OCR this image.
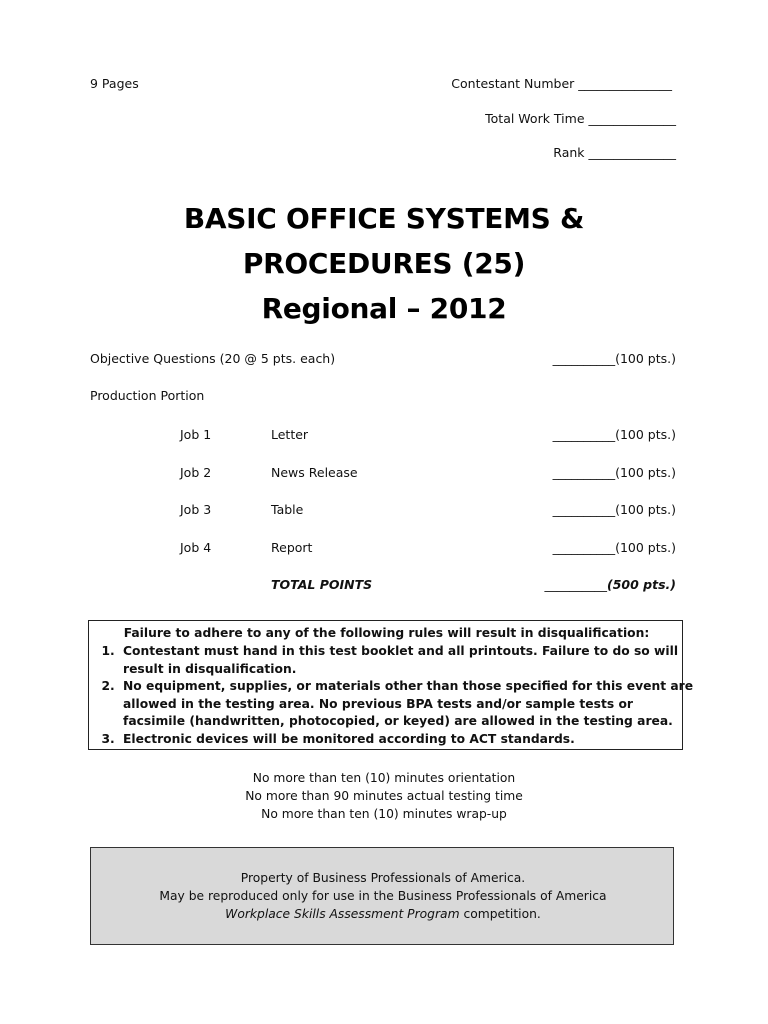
9 Pages	Contestant Number _______________
Total Work Time ______________
Rank ______________
BASIC OFFICE SYSTEMS &
PROCEDURES (25)
Regional – 2012
Objective Questions (20 @ 5 pts. each)	__________(100 pts.)
Production Portion
Job 1	Letter	__________(100 pts.)
Job 2	News Release	__________(100 pts.)
Job 3	Table	__________(100 pts.)
Job 4	Report	__________(100 pts.)
TOTAL POINTS	__________(500 pts.)
Failure to adhere to any of the following rules will result in disqualification:
1. Contestant must hand in this test booklet and all printouts. Failure to do so will result in disqualification.
2. No equipment, supplies, or materials other than those specified for this event are allowed in the testing area. No previous BPA tests and/or sample tests or facsimile (handwritten, photocopied, or keyed) are allowed in the testing area.
3. Electronic devices will be monitored according to ACT standards.
No more than ten (10) minutes orientation
No more than 90 minutes actual testing time
No more than ten (10) minutes wrap-up
Property of Business Professionals of America.
May be reproduced only for use in the Business Professionals of America
Workplace Skills Assessment Program competition.
